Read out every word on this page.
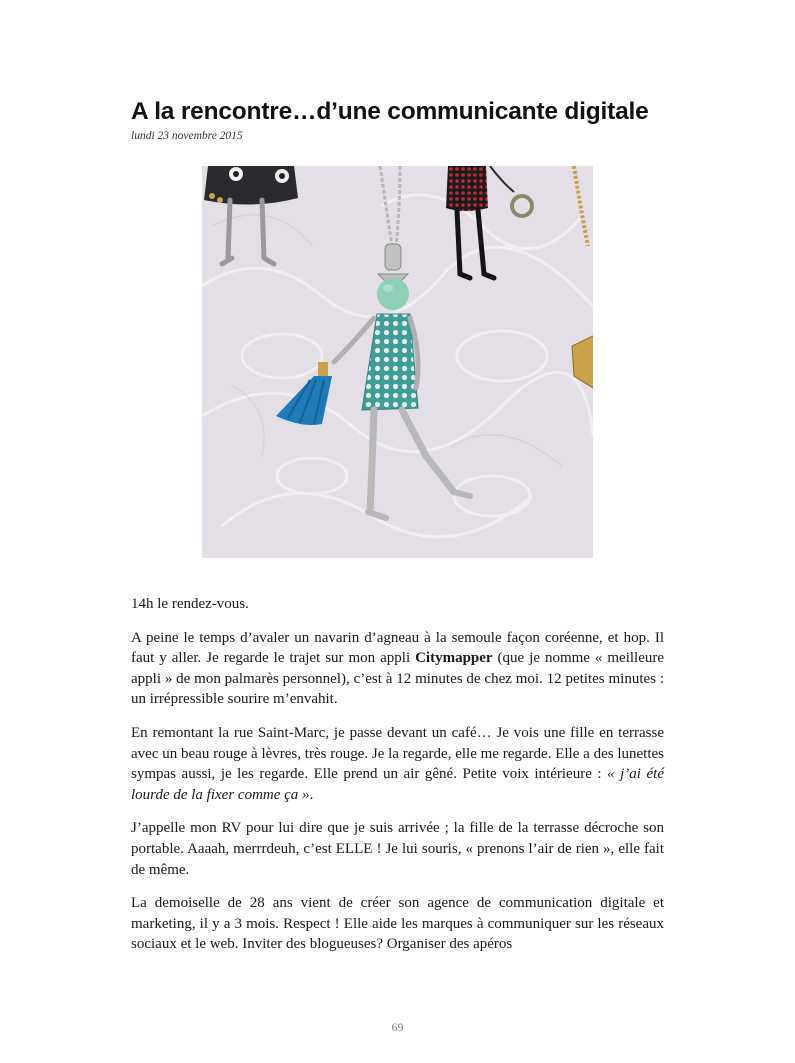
A la rencontre…d’une communicante digitale
lundi 23 novembre 2015

14h le rendez-vous.

A peine le temps d’avaler un navarin d’agneau à la semoule façon coréenne, et hop. Il faut y aller. Je regarde le trajet sur mon appli Citymapper (que je nomme « meilleure appli » de mon palmarès personnel), c’est à 12 minutes de chez moi. 12 petites minutes : un irrépressible sourire m’envahit.

En remontant la rue Saint-Marc, je passe devant un café… Je vois une fille en terrasse avec un beau rouge à lèvres, très rouge. Je la regarde, elle me regarde. Elle a des lunettes sympas aussi, je les regarde. Elle prend un air gêné. Petite voix intérieure : « j’ai été lourde de la fixer comme ça ».

J’appelle mon RV pour lui dire que je suis arrivée ; la fille de la terrasse décroche son portable. Aaaah, merrrdeuh, c’est ELLE ! Je lui souris, « prenons l’air de rien », elle fait de même.

La demoiselle de 28 ans vient de créer son agence de communication digitale et marketing, il y a 3 mois. Respect ! Elle aide les marques à communiquer sur les réseaux sociaux et le web. Inviter des blogueuses? Organiser des apéros

69
